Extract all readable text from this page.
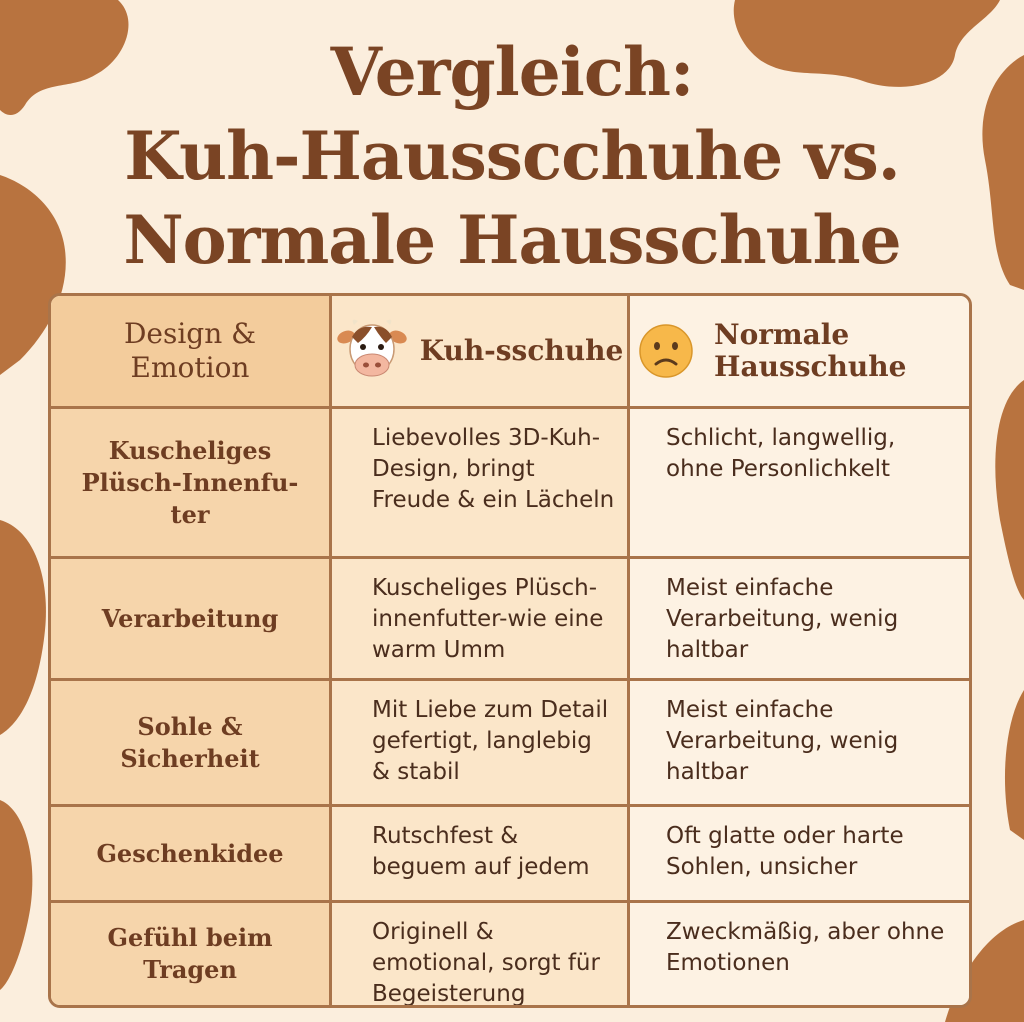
Vergleich:
Kuh-Hausscchuhe vs.
Normale Hausschuhe
Design & Emotion
Kuh-sschuhe	Normale Hausschuhe
Kuscheliges Plüsch-Innenfu-ter
Liebevolles 3D-Kuh-Design, bringt Freude & ein Lächeln
Schlicht, langwellig, ohne Personlichkelt
Verarbeitung
Kuscheliges Plüsch-innenfutter-wie eine warm Umm
Meist einfache Verarbeitung, wenig haltbar
Sohle & Sicherheit
Mit Liebe zum Detail gefertigt, langlebig & stabil
Meist einfache Verarbeitung, wenig haltbar
Geschenkidee
Rutschfest & beguem auf jedem
Oft glatte oder harte Sohlen, unsicher
Gefühl beim Tragen
Originell & emotional, sorgt für Begeisterung
Zweckmäßig, aber ohne Emotionen
